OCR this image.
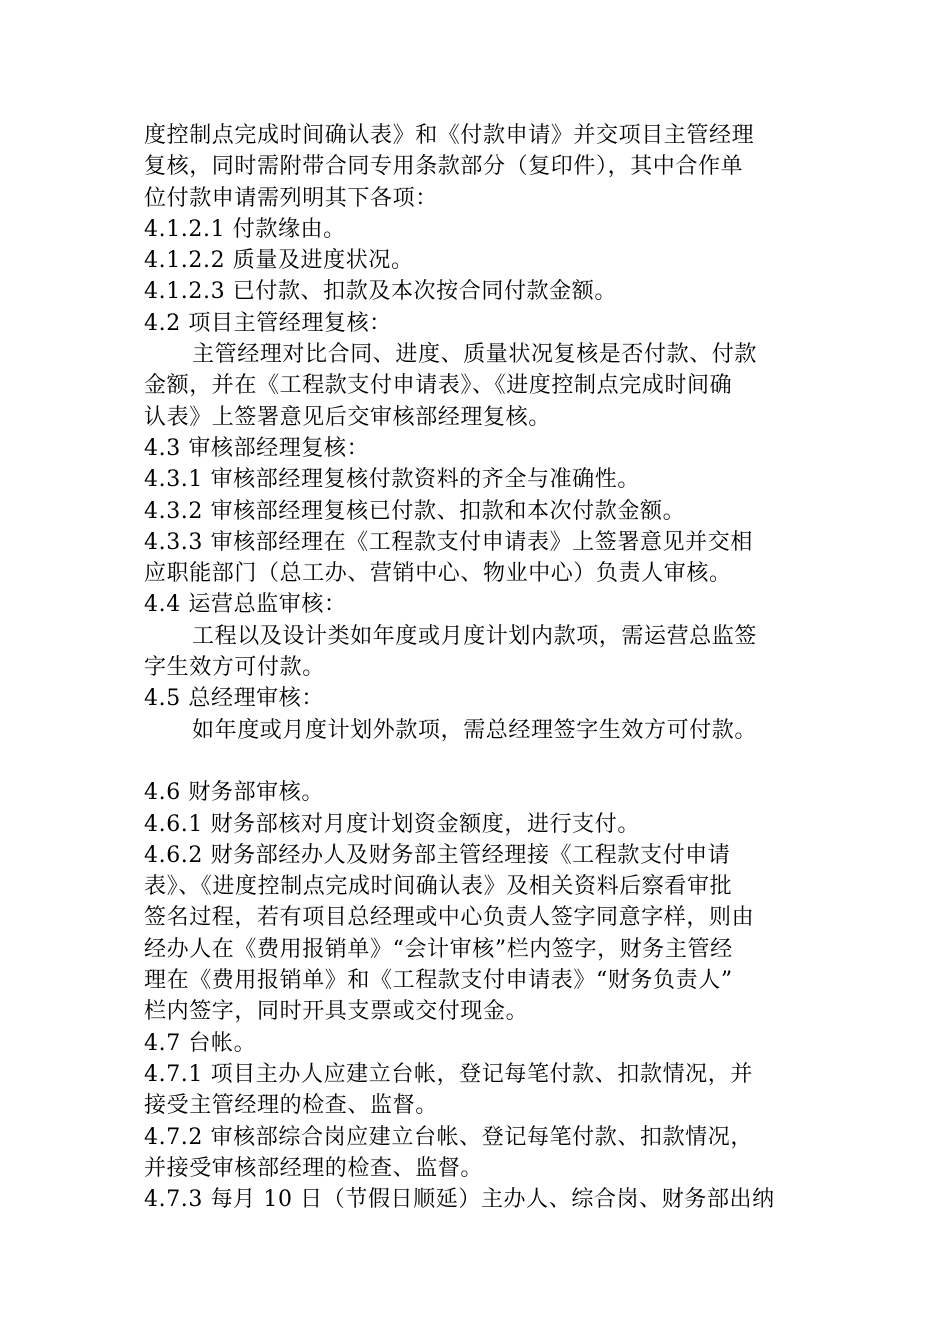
度控制点完成时间确认表》和《付款申请》并交项目主管经理
复核，同时需附带合同专用条款部分（复印件），其中合作单
位付款申请需列明其下各项：
4.1.2.1 付款缘由。
4.1.2.2 质量及进度状况。
4.1.2.3 已付款、扣款及本次按合同付款金额。
4.2 项目主管经理复核：
主管经理对比合同、进度、质量状况复核是否付款、付款
金额，并在《工程款支付申请表》、《进度控制点完成时间确
认表》上签署意见后交审核部经理复核。
4.3 审核部经理复核：
4.3.1 审核部经理复核付款资料的齐全与准确性。
4.3.2 审核部经理复核已付款、扣款和本次付款金额。
4.3.3 审核部经理在《工程款支付申请表》上签署意见并交相
应职能部门（总工办、营销中心、物业中心）负责人审核。
4.4 运营总监审核：
工程以及设计类如年度或月度计划内款项，需运营总监签
字生效方可付款。
4.5 总经理审核：
如年度或月度计划外款项，需总经理签字生效方可付款。
4.6 财务部审核。
4.6.1 财务部核对月度计划资金额度，进行支付。
4.6.2 财务部经办人及财务部主管经理接《工程款支付申请
表》、《进度控制点完成时间确认表》及相关资料后察看审批
签名过程，若有项目总经理或中心负责人签字同意字样，则由
经办人在《费用报销单》“会计审核”栏内签字，财务主管经
理在《费用报销单》和《工程款支付申请表》“财务负责人”
栏内签字，同时开具支票或交付现金。
4.7 台帐。
4.7.1 项目主办人应建立台帐，登记每笔付款、扣款情况，并
接受主管经理的检查、监督。
4.7.2 审核部综合岗应建立台帐、登记每笔付款、扣款情况，
并接受审核部经理的检查、监督。
4.7.3 每月 10 日（节假日顺延）主办人、综合岗、财务部出纳
